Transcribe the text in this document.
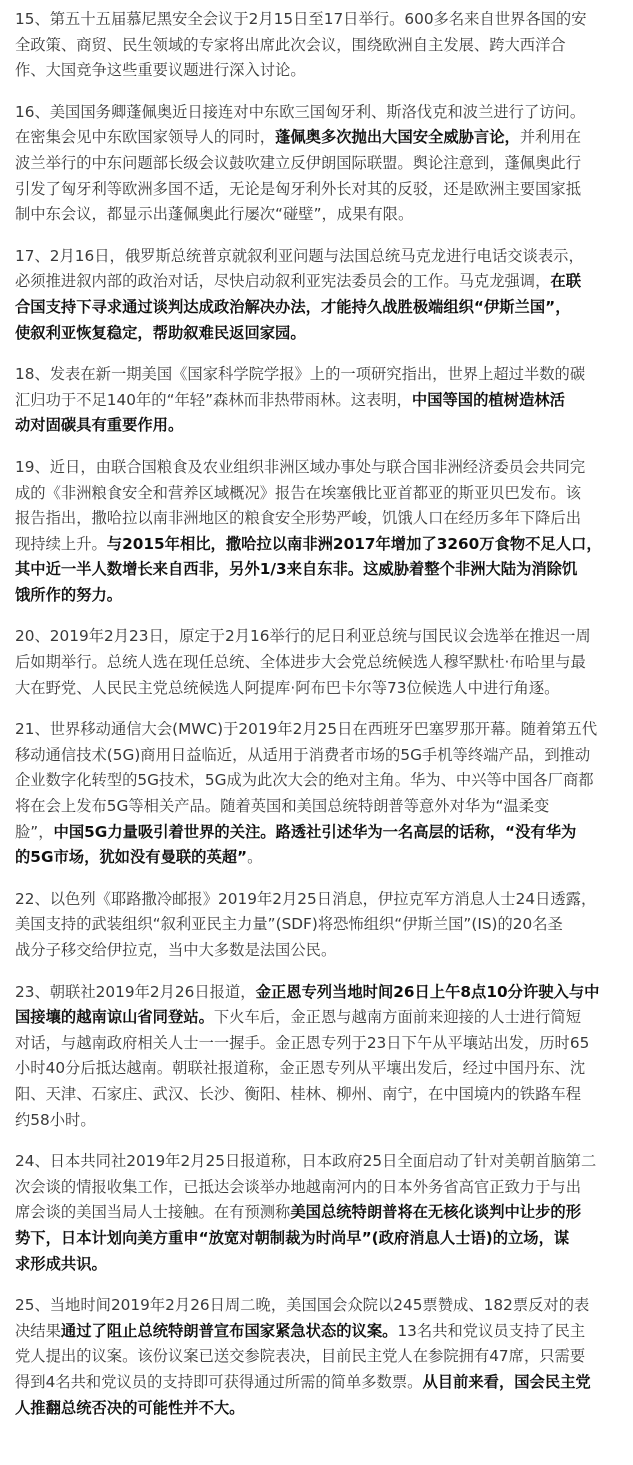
15、第五十五届慕尼黑安全会议于2月15日至17日举行。600多名来自世界各国的安
全政策、商贸、民生领域的专家将出席此次会议，围绕欧洲自主发展、跨大西洋合
作、大国竞争这些重要议题进行深入讨论。
16、美国国务卿蓬佩奥近日接连对中东欧三国匈牙利、斯洛伐克和波兰进行了访问。
在密集会见中东欧国家领导人的同时，蓬佩奥多次抛出大国安全威胁言论，并利用在
波兰举行的中东问题部长级会议鼓吹建立反伊朗国际联盟。舆论注意到，蓬佩奥此行
引发了匈牙利等欧洲多国不适，无论是匈牙利外长对其的反驳，还是欧洲主要国家抵
制中东会议，都显示出蓬佩奥此行屡次“碰壁”，成果有限。
17、2月16日，俄罗斯总统普京就叙利亚问题与法国总统马克龙进行电话交谈表示，
必须推进叙内部的政治对话，尽快启动叙利亚宪法委员会的工作。马克龙强调，在联
合国支持下寻求通过谈判达成政治解决办法，才能持久战胜极端组织“伊斯兰国”，
使叙利亚恢复稳定，帮助叙难民返回家园。
18、发表在新一期美国《国家科学院学报》上的一项研究指出，世界上超过半数的碳
汇归功于不足140年的“年轻”森林而非热带雨林。这表明，中国等国的植树造林活
动对固碳具有重要作用。
19、近日，由联合国粮食及农业组织非洲区域办事处与联合国非洲经济委员会共同完
成的《非洲粮食安全和营养区域概况》报告在埃塞俄比亚首都亚的斯亚贝巴发布。该
报告指出，撒哈拉以南非洲地区的粮食安全形势严峻，饥饿人口在经历多年下降后出
现持续上升。与2015年相比，撒哈拉以南非洲2017年增加了3260万食物不足人口，
其中近一半人数增长来自西非，另外1/3来自东非。这威胁着整个非洲大陆为消除饥
饿所作的努力。
20、2019年2月23日，原定于2月16举行的尼日利亚总统与国民议会选举在推迟一周
后如期举行。总统人选在现任总统、全体进步大会党总统候选人穆罕默杜·布哈里与最
大在野党、人民民主党总统候选人阿提库·阿布巴卡尔等73位候选人中进行角逐。
21、世界移动通信大会(MWC)于2019年2月25日在西班牙巴塞罗那开幕。随着第五代
移动通信技术(5G)商用日益临近，从适用于消费者市场的5G手机等终端产品，到推动
企业数字化转型的5G技术，5G成为此次大会的绝对主角。华为、中兴等中国各厂商都
将在会上发布5G等相关产品。随着英国和美国总统特朗普等意外对华为“温柔变
脸”，中国5G力量吸引着世界的关注。路透社引述华为一名高层的话称，“没有华为
的5G市场，犹如没有曼联的英超”。
22、以色列《耶路撒冷邮报》2019年2月25日消息，伊拉克军方消息人士24日透露，
美国支持的武装组织“叙利亚民主力量”(SDF)将恐怖组织“伊斯兰国”(IS)的20名圣
战分子移交给伊拉克，当中大多数是法国公民。
23、朝联社2019年2月26日报道，金正恩专列当地时间26日上午8点10分许驶入与中
国接壤的越南谅山省同登站。下火车后，金正恩与越南方面前来迎接的人士进行简短
对话，与越南政府相关人士一一握手。金正恩专列于23日下午从平壤站出发，历时65
小时40分后抵达越南。朝联社报道称，金正恩专列从平壤出发后，经过中国丹东、沈
阳、天津、石家庄、武汉、长沙、衡阳、桂林、柳州、南宁，在中国境内的铁路车程
约58小时。
24、日本共同社2019年2月25日报道称，日本政府25日全面启动了针对美朝首脑第二
次会谈的情报收集工作，已抵达会谈举办地越南河内的日本外务省高官正致力于与出
席会谈的美国当局人士接触。在有预测称美国总统特朗普将在无核化谈判中让步的形
势下，日本计划向美方重申“放宽对朝制裁为时尚早”(政府消息人士语)的立场，谋
求形成共识。
25、当地时间2019年2月26日周二晚，美国国会众院以245票赞成、182票反对的表
决结果通过了阻止总统特朗普宣布国家紧急状态的议案。13名共和党议员支持了民主
党人提出的议案。该份议案已送交参院表决，目前民主党人在参院拥有47席，只需要
得到4名共和党议员的支持即可获得通过所需的简单多数票。从目前来看，国会民主党
人推翻总统否决的可能性并不大。
